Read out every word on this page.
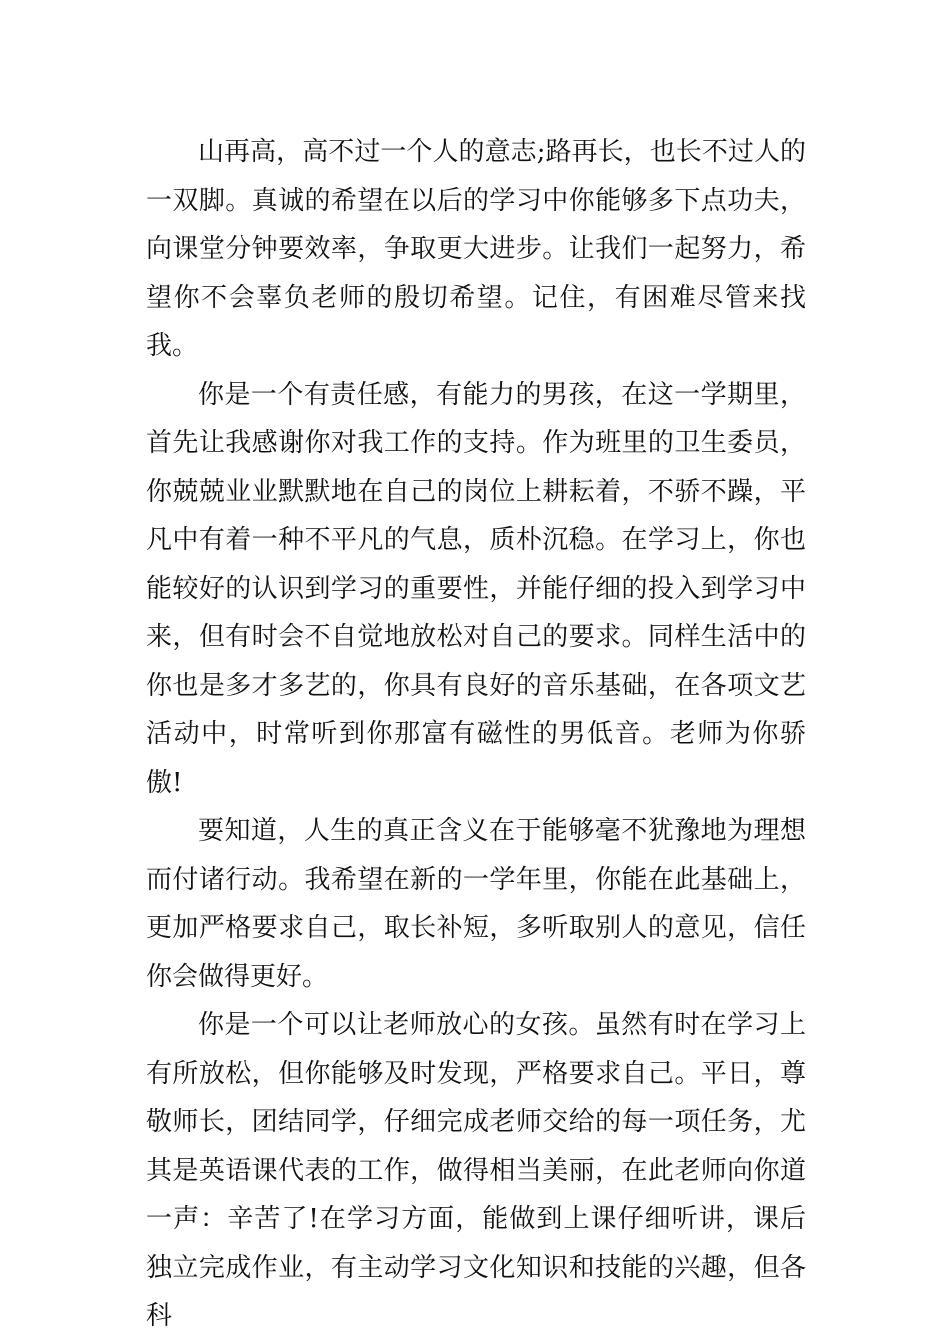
山再高，高不过一个人的意志;路再长，也长不过人的一双脚。真诚的希望在以后的学习中你能够多下点功夫，向课堂分钟要效率，争取更大进步。让我们一起努力，希望你不会辜负老师的殷切希望。记住，有困难尽管来找我。

你是一个有责任感，有能力的男孩，在这一学期里，首先让我感谢你对我工作的支持。作为班里的卫生委员，你兢兢业业默默地在自己的岗位上耕耘着，不骄不躁，平凡中有着一种不平凡的气息，质朴沉稳。在学习上，你也能较好的认识到学习的重要性，并能仔细的投入到学习中来，但有时会不自觉地放松对自己的要求。同样生活中的你也是多才多艺的，你具有良好的音乐基础，在各项文艺活动中，时常听到你那富有磁性的男低音。老师为你骄傲!

要知道，人生的真正含义在于能够毫不犹豫地为理想而付诸行动。我希望在新的一学年里，你能在此基础上，更加严格要求自己，取长补短，多听取别人的意见，信任你会做得更好。

你是一个可以让老师放心的女孩。虽然有时在学习上有所放松，但你能够及时发现，严格要求自己。平日，尊敬师长，团结同学，仔细完成老师交给的每一项任务，尤其是英语课代表的工作，做得相当美丽，在此老师向你道一声：辛苦了!在学习方面，能做到上课仔细听讲，课后独立完成作业，有主动学习文化知识和技能的兴趣，但各科
